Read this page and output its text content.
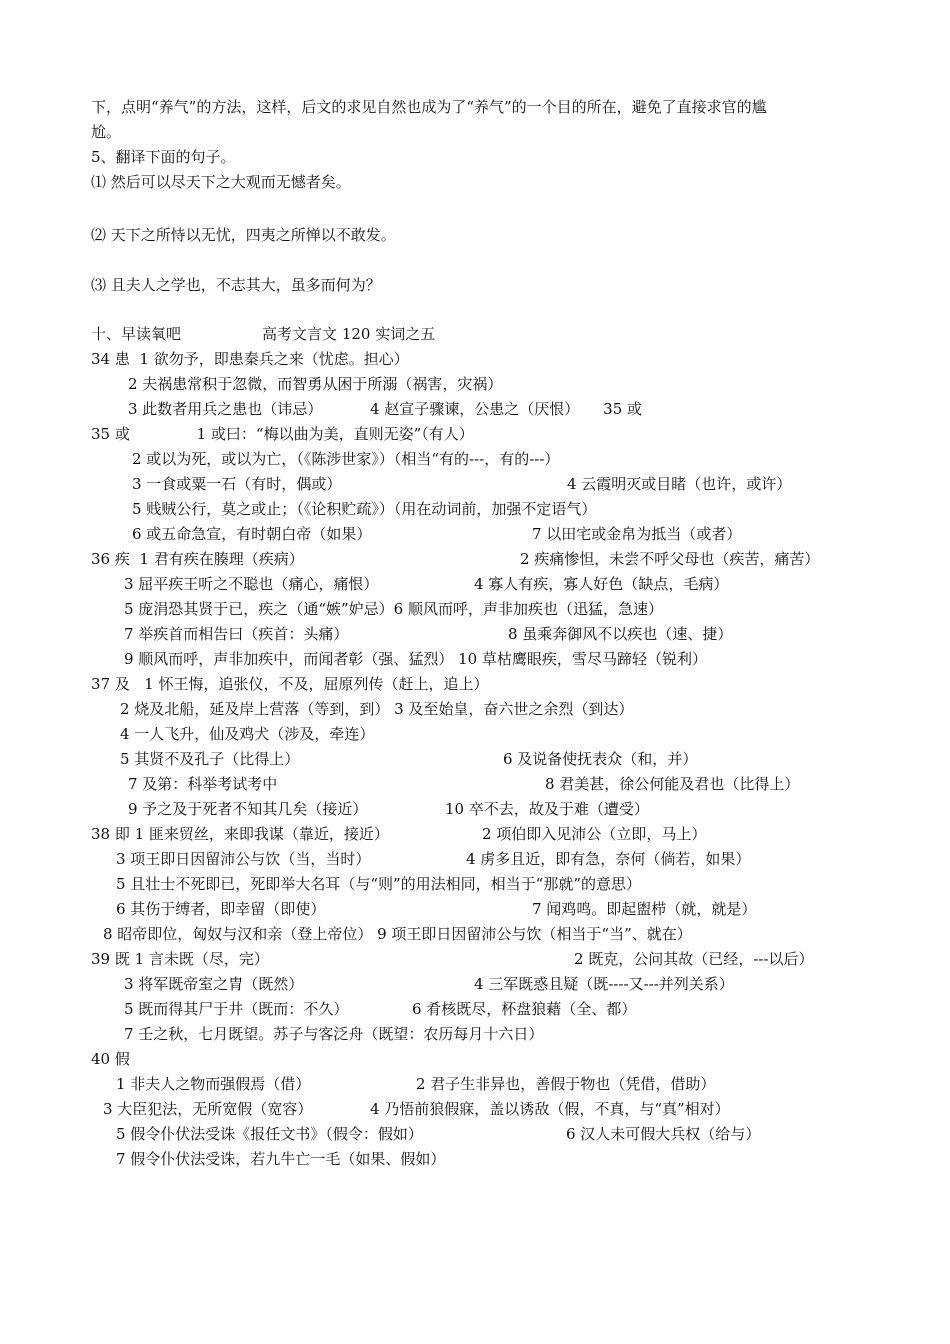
下，点明“养气”的方法，这样，后文的求见自然也成为了“养气”的一个目的所在，避免了直接求官的尴
尬。
5、翻译下面的句子。
⑴ 然后可以尽天下之大观而无憾者矣。
⑵ 天下之所恃以无忧，四夷之所惮以不敢发。
⑶ 且夫人之学也，不志其大，虽多而何为？
十、早读氧吧                 高考文言文 120 实词之五
34 患  1 欲勿予，即患秦兵之来（忧虑。担心）
2 夫祸患常积于忽微，而智勇从困于所溺（祸害，灾祸）
3 此数者用兵之患也（讳忌）          4 赵宣子骤谏，公患之（厌恨）     35 或
35 或              1 或曰：“梅以曲为美，直则无姿”（有人）
2 或以为死，或以为亡，（《陈涉世家》）（相当“有的---，有的---）
3 一食或粟一石（有时，偶或）	4 云霞明灭或目睹（也许，或许）
5 贱贼公行，莫之或止；（《论积贮疏》）（用在动词前，加强不定语气）
6 或五命急宣，有时朝白帝（如果）	7 以田宅或金帛为抵当（或者）
36 疾  1 君有疾在腠理（疾病）	2 疾痛惨怛，未尝不呼父母也（疾苦，痛苦）
3 屈平疾王听之不聪也（痛心，痛恨）	4 寡人有疾，寡人好色（缺点，毛病）
5 庞涓恐其贤于已，疾之（通“嫉”妒忌）6 顺风而呼，声非加疾也（迅猛，急速）
7 举疾首而相告曰（疾首：头痛）	8 虽乘奔御风不以疾也（速、捷）
9 顺风而呼，声非加疾中，而闻者彰（强、猛烈） 10 草枯鹰眼疾，雪尽马蹄轻（锐利）
37 及   1 怀王悔，追张仪，不及，屈原列传（赶上，追上）
2 烧及北船，延及岸上营落（等到，到） 3 及至始皇，奋六世之余烈（到达）
4 一人飞升，仙及鸡犬（涉及，牵连）
5 其贤不及孔子（比得上）	6 及说备使抚表众（和，并）
7 及第：科举考试考中	8 君美甚，徐公何能及君也（比得上）
9 予之及于死者不知其几矣（接近）	10 卒不去，故及于难（遭受）
38 即 1 匪来贸丝，来即我谋（靠近，接近）	2 项伯即入见沛公（立即，马上）
3 项王即日因留沛公与饮（当，当时）	4 虏多且近，即有急，奈何（倘若，如果）
5 且壮士不死即已，死即举大名耳（与“则”的用法相同，相当于“那就”的意思）
6 其伤于缚者，即幸留（即使）	7 闻鸡鸣。即起盥栉（就，就是）
8 昭帝即位，匈奴与汉和亲（登上帝位） 9 项王即日因留沛公与饮（相当于“当”、就在）
39 既 1 言未既（尽，完）	2 既克，公问其故（已经，---以后）
3 将军既帝室之胄（既然）	4 三军既惑且疑（既----又---并列关系）
5 既而得其尸于井（既而：不久）	6 肴核既尽，杯盘狼藉（全、都）
7 壬之秋，七月既望。苏子与客泛舟（既望：农历每月十六日）
40 假
1 非夫人之物而强假焉（借）	2 君子生非异也，善假于物也（凭借，借助）
3 大臣犯法，无所宽假（宽容）	4 乃悟前狼假寐，盖以诱敌（假，不真，与“真”相对）
5 假令仆伏法受诛《报任文书》（假令：假如）	6 汉人未可假大兵权（给与）
7 假令仆伏法受诛，若九牛亡一毛（如果、假如）
